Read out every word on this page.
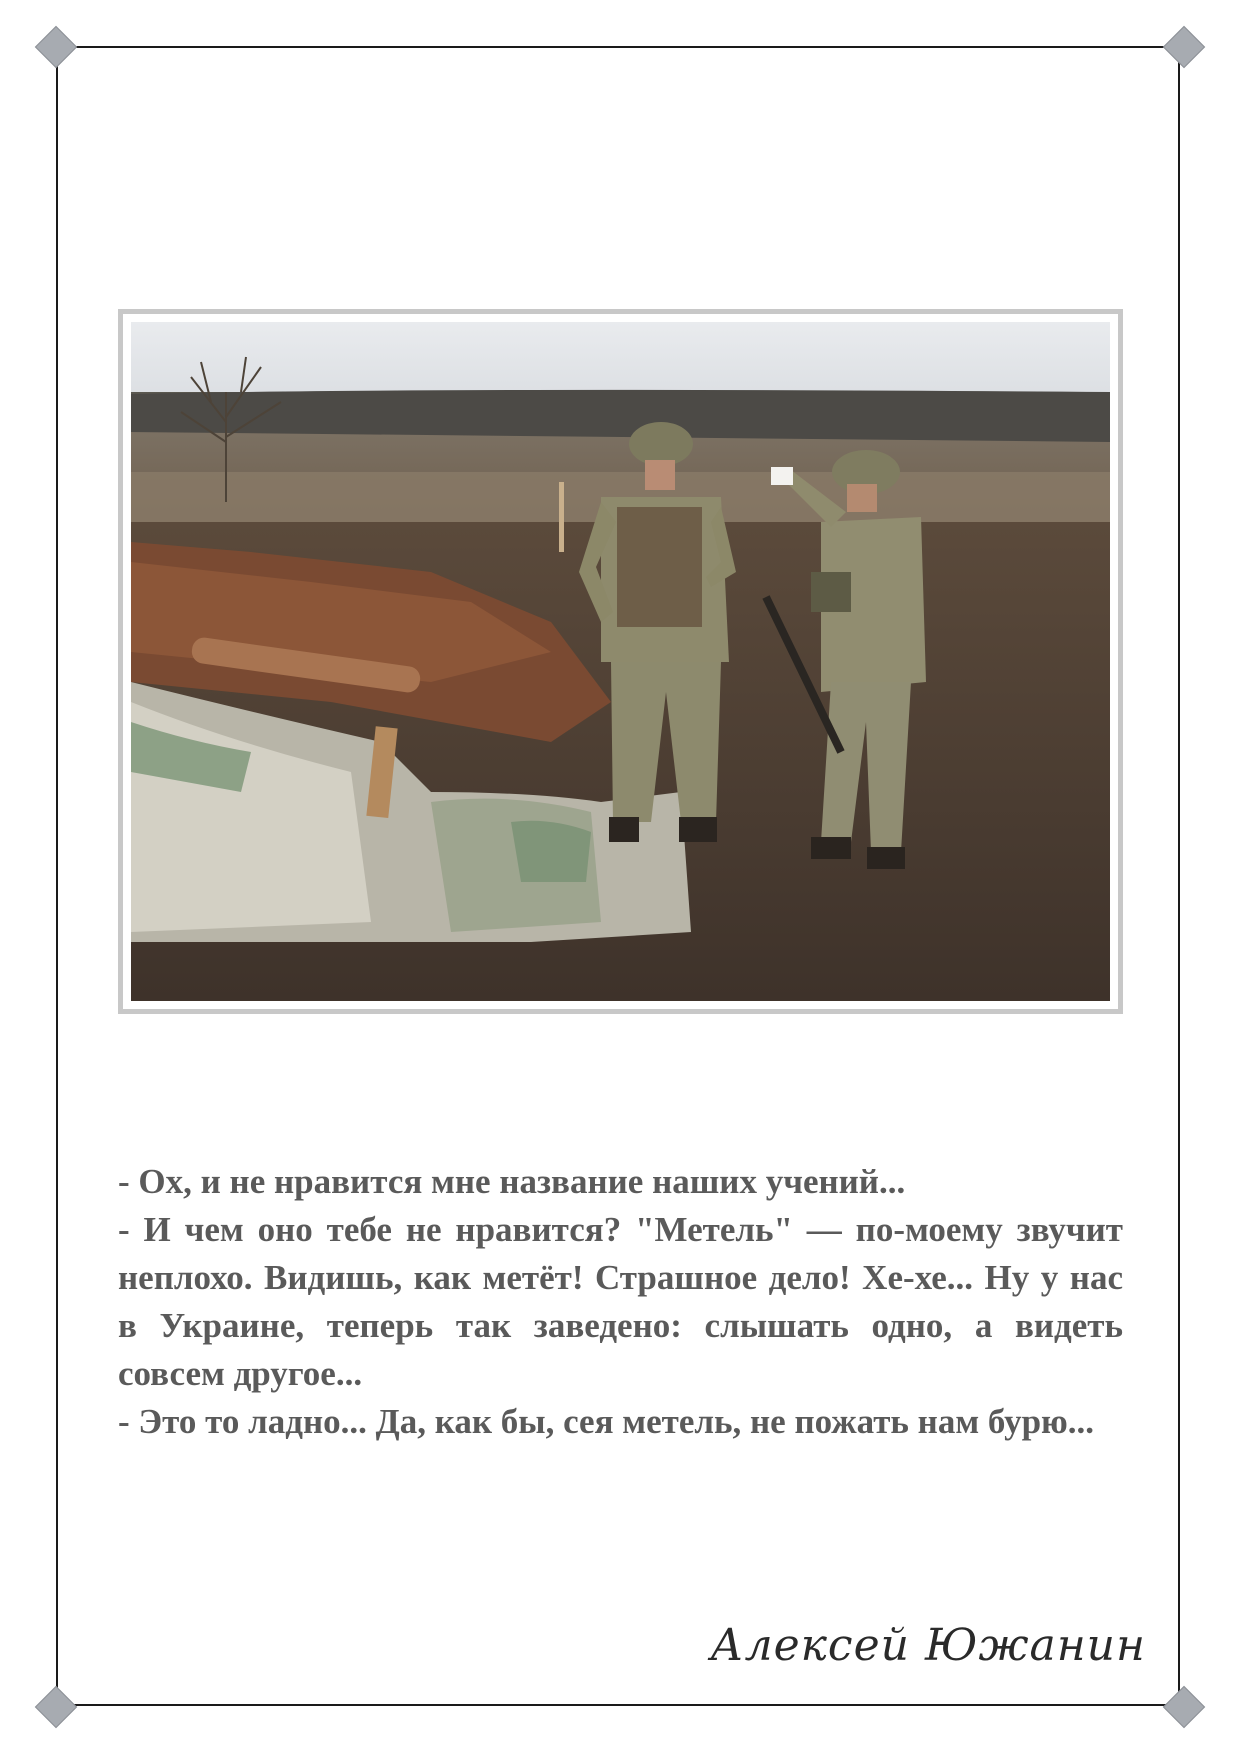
- Ох, и не нравится мне название наших учений...

- И чем оно тебе не нравится? "Метель" — по-моему звучит неплохо. Видишь, как метёт! Страшное дело! Хе-хе... Ну у нас в Украине, теперь так заведено: слышать одно, а видеть совсем другое...

- Это то ладно... Да, как бы, сея метель, не пожать нам бурю...

Алексей Южанин
